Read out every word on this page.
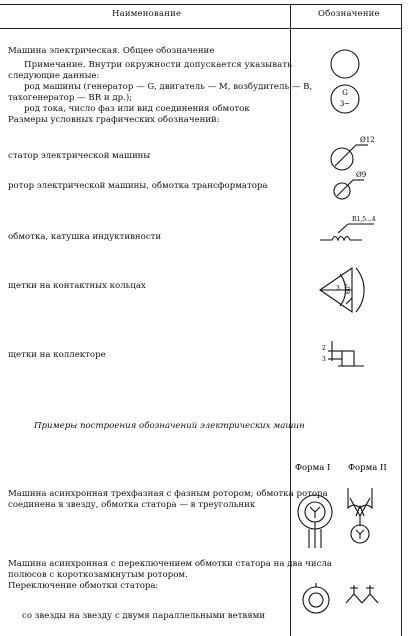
Наименование	Обозначение
Машина электрическая. Общее обозначение
Примечание. Внутри окружности допускается указывать
следующие данные:
род машины (генератор — G, двигатель — M, возбудитель — B,
тахогенератор — BR и др.);
род тока, число фаз или вид соединения обмоток
Размеры условных графических обозначений:
статор электрической машины
ротор электрической машины, обмотка трансформатора
обмотка, катушка индуктивности
щетки на контактных кольцах
щетки на коллекторе
Примеры построения обозначений электрических машин
Машина асинхронная трехфазная с фазным ротором; обмотка ротора
соединена в звезду, обмотка статора — в треугольник
Машина асинхронная с переключением обмотки статора на два числа
полюсов с короткозамкнутым ротором.
Переключение обмотки статора:
со звезды на звезду с двумя параллельными ветвями
G
3~
Ø12
Ø9
R1,5...4
60°
3
2
3
Форма I Форма II
